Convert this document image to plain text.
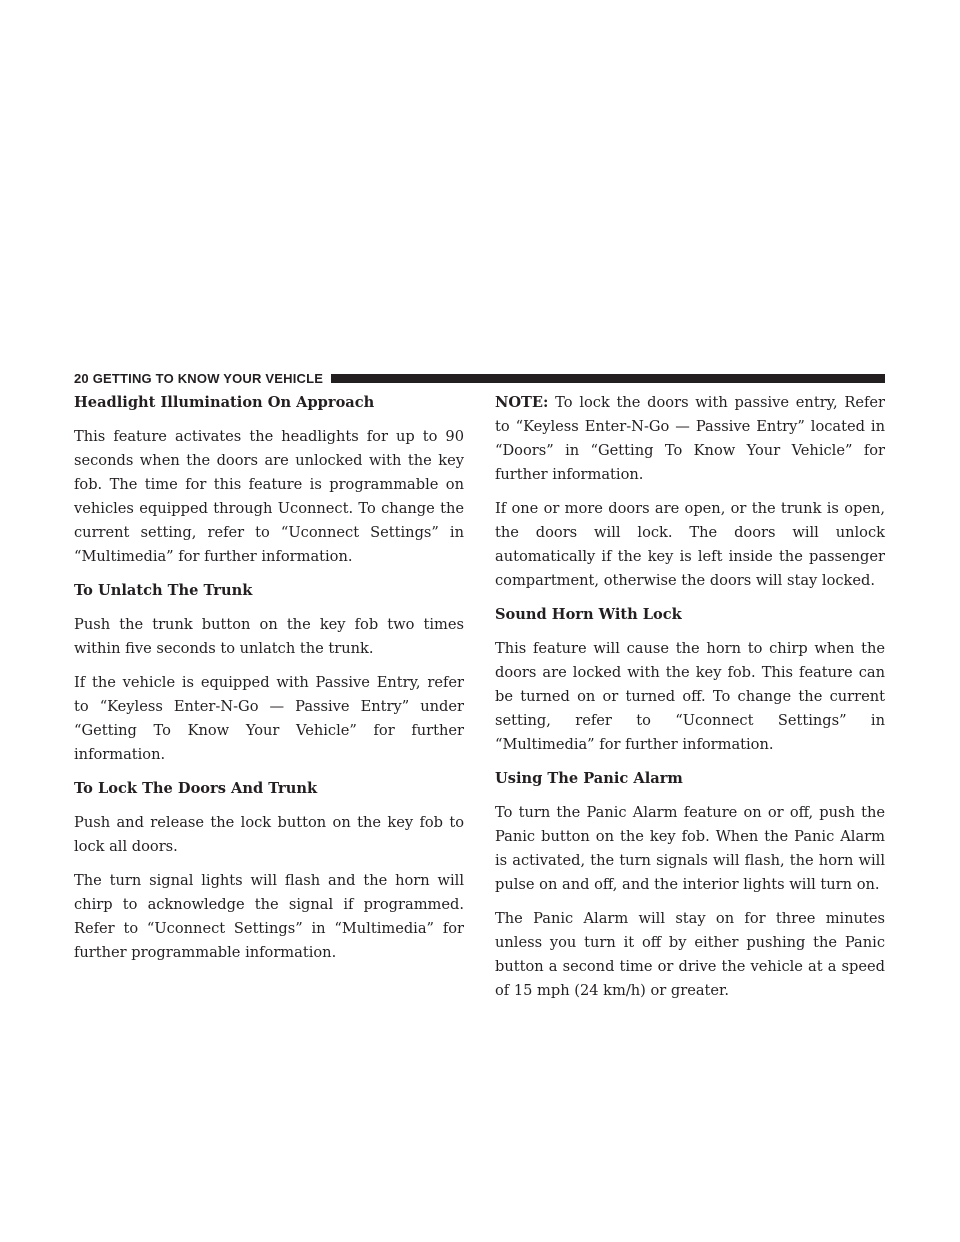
20 GETTING TO KNOW YOUR VEHICLE
Headlight Illumination On Approach
This feature activates the headlights for up to 90 seconds when the doors are unlocked with the key fob. The time for this feature is programmable on vehicles equipped through Uconnect. To change the current setting, refer to “Uconnect Settings” in “Multimedia” for further information.
To Unlatch The Trunk
Push the trunk button on the key fob two times within five seconds to unlatch the trunk.
If the vehicle is equipped with Passive Entry, refer to “Keyless Enter-N-Go — Passive Entry” under “Getting To Know Your Vehicle” for further information.
To Lock The Doors And Trunk
Push and release the lock button on the key fob to lock all doors.
The turn signal lights will flash and the horn will chirp to acknowledge the signal if programmed. Refer to “Uconnect Settings” in “Multimedia” for further programmable information.
NOTE: To lock the doors with passive entry, Refer to “Keyless Enter-N-Go — Passive Entry” located in “Doors” in “Getting To Know Your Vehicle” for further information.
If one or more doors are open, or the trunk is open, the doors will lock. The doors will unlock automatically if the key is left inside the passenger compartment, otherwise the doors will stay locked.
Sound Horn With Lock
This feature will cause the horn to chirp when the doors are locked with the key fob. This feature can be turned on or turned off. To change the current setting, refer to “Uconnect Settings” in “Multimedia” for further information.
Using The Panic Alarm
To turn the Panic Alarm feature on or off, push the Panic button on the key fob. When the Panic Alarm is activated, the turn signals will flash, the horn will pulse on and off, and the interior lights will turn on.
The Panic Alarm will stay on for three minutes unless you turn it off by either pushing the Panic button a second time or drive the vehicle at a speed of 15 mph (24 km/h) or greater.
